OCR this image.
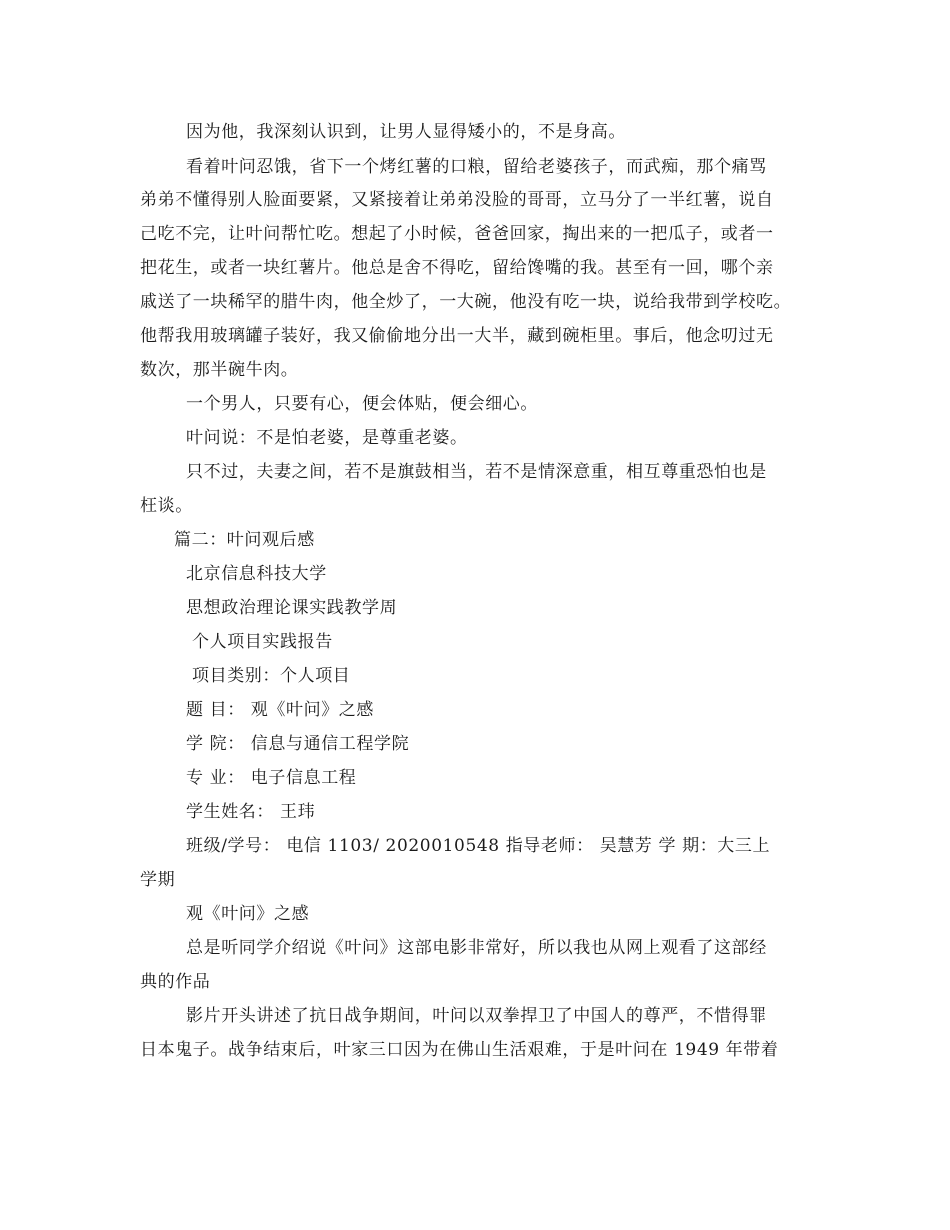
因为他，我深刻认识到，让男人显得矮小的，不是身高。
看着叶问忍饿，省下一个烤红薯的口粮，留给老婆孩子，而武痴，那个痛骂
弟弟不懂得别人脸面要紧，又紧接着让弟弟没脸的哥哥，立马分了一半红薯，说自
己吃不完，让叶问帮忙吃。想起了小时候，爸爸回家，掏出来的一把瓜子，或者一
把花生，或者一块红薯片。他总是舍不得吃，留给馋嘴的我。甚至有一回，哪个亲
戚送了一块稀罕的腊牛肉，他全炒了，一大碗，他没有吃一块，说给我带到学校吃。
他帮我用玻璃罐子装好，我又偷偷地分出一大半，藏到碗柜里。事后，他念叨过无
数次，那半碗牛肉。
一个男人，只要有心，便会体贴，便会细心。
叶问说：不是怕老婆，是尊重老婆。
只不过，夫妻之间，若不是旗鼓相当，若不是情深意重，相互尊重恐怕也是
枉谈。
篇二：叶问观后感
北京信息科技大学
思想政治理论课实践教学周
个人项目实践报告
项目类别：个人项目
题 目： 观《叶问》之感
学 院： 信息与通信工程学院
专 业： 电子信息工程
学生姓名： 王玮
班级/学号： 电信 1103/ 2020010548 指导老师： 吴慧芳 学 期：大三上
学期
观《叶问》之感
总是听同学介绍说《叶问》这部电影非常好，所以我也从网上观看了这部经
典的作品
影片开头讲述了抗日战争期间，叶问以双拳捍卫了中国人的尊严，不惜得罪
日本鬼子。战争结束后，叶家三口因为在佛山生活艰难，于是叶问在 1949 年带着
